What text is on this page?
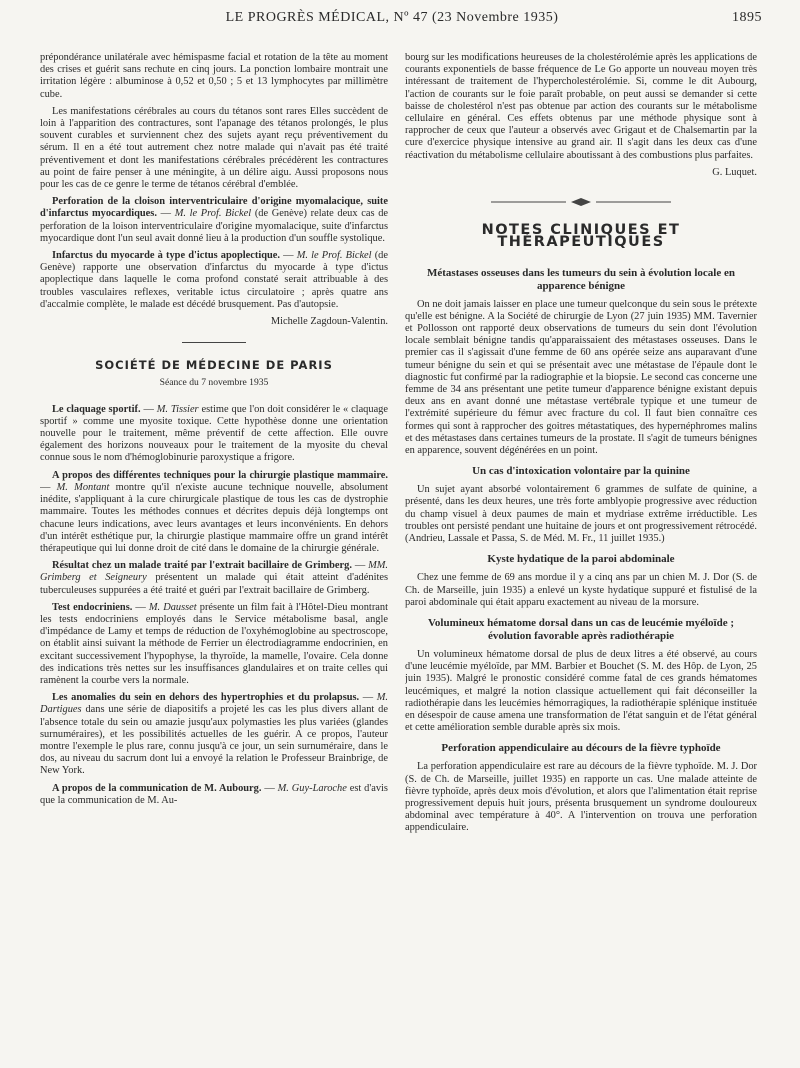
LE PROGRÈS MÉDICAL, Nº 47 (23 Novembre 1935)	1895

prépondérance unilatérale avec hémispasme facial et rotation de la tête au moment des crises et guérit sans rechute en cinq jours. La ponction lombaire montrait une irritation légère : albuminose à 0,52 et 0,50 ; 5 et 13 lymphocytes par millimètre cube.

Les manifestations cérébrales au cours du tétanos sont rares Elles succèdent de loin à l'apparition des contractures, sont l'apanage des tétanos prolongés, le plus souvent curables et surviennent chez des sujets ayant reçu préventivement du sérum. Il en a été tout autrement chez notre malade qui n'avait pas été traité préventivement et dont les manifestations cérébrales précédèrent les contractures au point de faire penser à une méningite, à un délire aigu. Aussi proposons nous pour les cas de ce genre le terme de tétanos cérébral d'emblée.

Perforation de la cloison interventriculaire d'origine myomalacique, suite d'infarctus myocardiques. — M. le Prof. Bickel (de Genève) relate deux cas de perforation de la loison interventriculaire d'origine myomalacique, suite d'infarctus myocardique dont l'un seul avait donné lieu à la production d'un souffle systolique.

Infarctus du myocarde à type d'ictus apoplectique. — M. le Prof. Bickel (de Genève) rapporte une observation d'infarctus du myocarde à type d'ictus apoplectique dans laquelle le coma profond constaté serait attribuable à des troubles vasculaires reflexes, veritable ictus circulatoire ; après quatre ans d'accalmie complète, le malade est décédé brusquement. Pas d'autopsie.

Michelle Zagdoun-Valentin.

SOCIÉTÉ DE MÉDECINE DE PARIS

Séance du 7 novembre 1935

Le claquage sportif. — M. Tissier estime que l'on doit considérer le « claquage sportif » comme une myosite toxique. Cette hypothèse donne une orientation nouvelle pour le traitement, même préventif de cette affection. Elle ouvre également des horizons nouveaux pour le traitement de la myosite du cheval connue sous le nom d'hémoglobinurie paroxystique a frigore.

A propos des différentes techniques pour la chirurgie plastique mammaire. — M. Montant montre qu'il n'existe aucune technique nouvelle, absolument inédite, s'appliquant à la cure chirurgicale plastique de tous les cas de dystrophie mammaire. Toutes les méthodes connues et décrites depuis déjà longtemps ont chacune leurs indications, avec leurs avantages et leurs inconvénients. En dehors d'un intérêt esthétique pur, la chirurgie plastique mammaire offre un grand intérêt thérapeutique qui lui donne droit de cité dans le domaine de la chirurgie générale.

Résultat chez un malade traité par l'extrait bacillaire de Grimberg. — MM. Grimberg et Seigneury présentent un malade qui était atteint d'adénites tuberculeuses suppurées a été traité et guéri par l'extrait bacillaire de Grimberg.

Test endocriniens. — M. Dausset présente un film fait à l'Hôtel-Dieu montrant les tests endocriniens employés dans le Service métabolisme basal, angle d'impédance de Lamy et temps de réduction de l'oxyhémoglobine au spectroscope, on établit ainsi suivant la méthode de Ferrier un électrodiagramme endocrinien, en excitant successivement l'hypophyse, la thyroïde, la mamelle, l'ovaire. Cela donne des indications très nettes sur les insuffisances glandulaires et on traite celles qui ramènent la courbe vers la normale.

Les anomalies du sein en dehors des hypertrophies et du prolapsus. — M. Dartigues dans une série de diapositifs a projeté les cas les plus divers allant de l'absence totale du sein ou amazie jusqu'aux polymasties les plus variées (glandes surnuméraires), et les possibilités actuelles de les guérir. A ce propos, l'auteur montre l'exemple le plus rare, connu jusqu'à ce jour, un sein surnuméraire, dans le dos, au niveau du sacrum dont lui a envoyé la relation le Professeur Brainbrige, de New York.

A propos de la communication de M. Aubourg. — M. Guy-Laroche est d'avis que la communication de M. Au-

bourg sur les modifications heureuses de la cholestérolémie après les applications de courants exponentiels de basse fréquence de Le Go apporte un nouveau moyen très intéressant de traitement de l'hypercholestérolémie. Si, comme le dit Aubourg, l'action de courants sur le foie paraît probable, on peut aussi se demander si cette baisse de cholestérol n'est pas obtenue par action des courants sur le métabolisme cellulaire en général. Ces effets obtenus par une méthode physique sont à rapprocher de ceux que l'auteur a observés avec Grigaut et de Chalsemartin par la cure d'exercice physique intensive au grand air. Il s'agit dans les deux cas d'une réactivation du métabolisme cellulaire aboutissant à des combustions plus parfaites.

G. Luquet.

NOTES CLINIQUES ET THÉRAPEUTIQUES
Métastases osseuses dans les tumeurs du sein à évolution locale en apparence bénigne

On ne doit jamais laisser en place une tumeur quelconque du sein sous le prétexte qu'elle est bénigne. A la Société de chirurgie de Lyon (27 juin 1935) MM. Tavernier et Pollosson ont rapporté deux observations de tumeurs du sein dont l'évolution locale semblait bénigne tandis qu'apparaissaient des métastases osseuses. Dans le premier cas il s'agissait d'une femme de 60 ans opérée seize ans auparavant d'une tumeur bénigne du sein et qui se présentait avec une métastase de l'épaule dont le diagnostic fut confirmé par la radiographie et la biopsie. Le second cas concerne une femme de 34 ans présentant une petite tumeur d'apparence bénigne existant depuis deux ans en avant donné une métastase vertébrale typique et une tumeur de l'extrémité supérieure du fémur avec fracture du col. Il faut bien connaître ces formes qui sont à rapprocher des goitres métastatiques, des hypernéphromes malins et des métastases dans certaines tumeurs de la prostate. Il s'agit de tumeurs bénignes en apparence, souvent dégénérées en un point.

Un cas d'intoxication volontaire par la quinine

Un sujet ayant absorbé volontairement 6 grammes de sulfate de quinine, a présenté, dans les deux heures, une très forte amblyopie progressive avec réduction du champ visuel à deux paumes de main et mydriase extrême irréductible. Les troubles ont persisté pendant une huitaine de jours et ont progressivement rétrocédé. (Andrieu, Lassale et Passa, S. de Méd. M. Fr., 11 juillet 1935.)

Kyste hydatique de la paroi abdominale

Chez une femme de 69 ans mordue il y a cinq ans par un chien M. J. Dor (S. de Ch. de Marseille, juin 1935) a enlevé un kyste hydatique suppuré et fistulisé de la paroi abdominale qui était apparu exactement au niveau de la morsure.

Volumineux hématome dorsal dans un cas de leucémie myéloïde ; évolution favorable après radiothérapie

Un volumineux hématome dorsal de plus de deux litres a été observé, au cours d'une leucémie myéloïde, par MM. Barbier et Bouchet (S. M. des Hôp. de Lyon, 25 juin 1935). Malgré le pronostic considéré comme fatal de ces grands hématomes leucémiques, et malgré la notion classique actuellement qui fait déconseiller la radiothérapie dans les leucémies hémorragiques, la radiothérapie splénique instituée en désespoir de cause amena une transformation de l'état sanguin et de l'état général et cette amélioration semble durable après six mois.

Perforation appendiculaire au décours de la fièvre typhoïde

La perforation appendiculaire est rare au décours de la fièvre typhoïde. M. J. Dor (S. de Ch. de Marseille, juillet 1935) en rapporte un cas. Une malade atteinte de fièvre typhoïde, après deux mois d'évolution, et alors que l'alimentation était reprise progressivement depuis huit jours, présenta brusquement un syndrome douloureux abdominal avec température à 40°. A l'intervention on trouva une perforation appendiculaire.
